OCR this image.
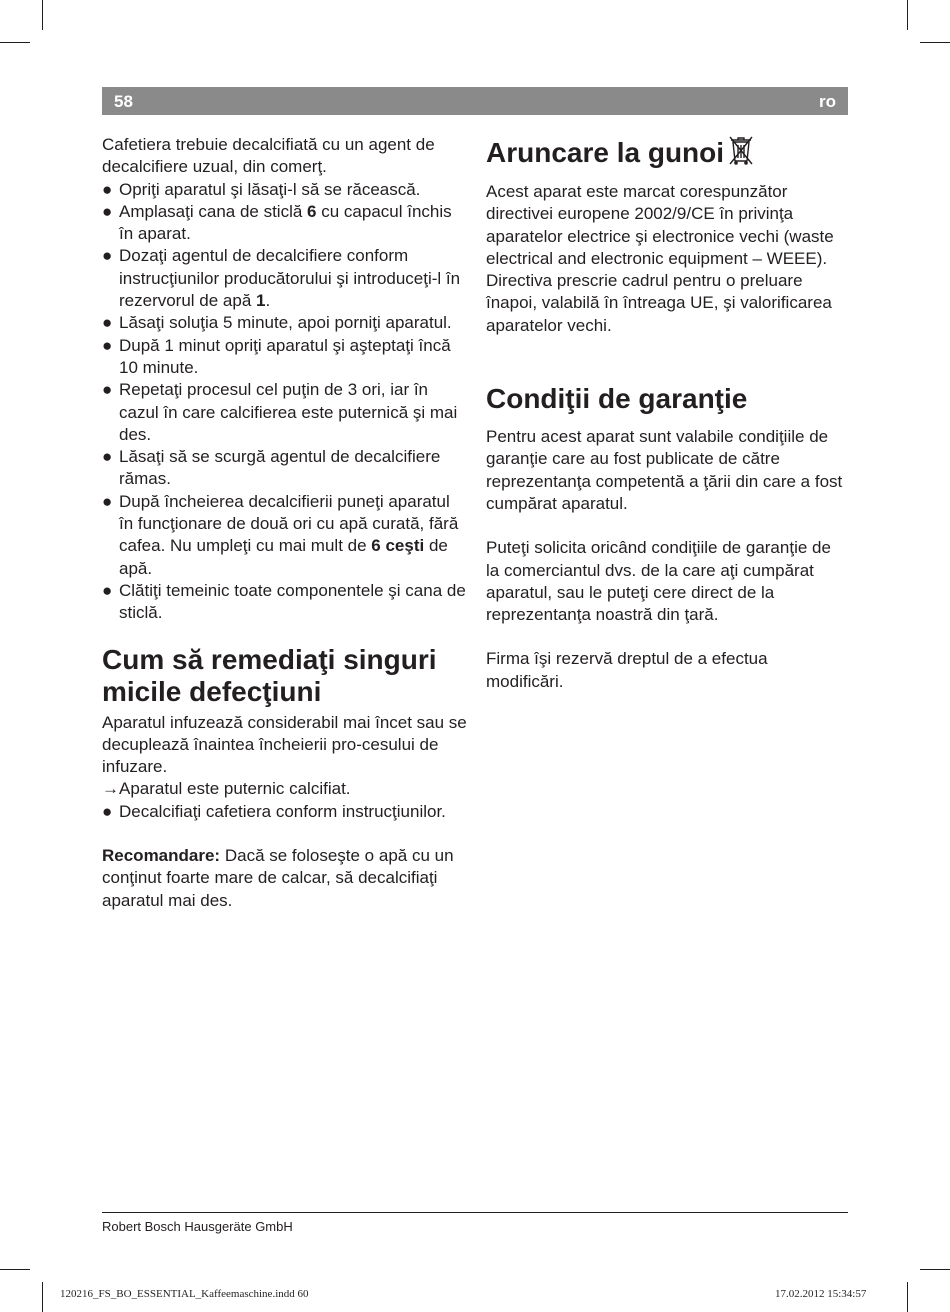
58	ro

Cafetiera trebuie decalcifiată cu un agent de decalcifiere uzual, din comerţ.

● Opriţi aparatul şi lăsaţi-l să se răcească.

● Amplasaţi cana de sticlă 6 cu capacul închis în aparat.

● Dozaţi agentul de decalcifiere conform instrucţiunilor producătorului şi introduceţi-l în rezervorul de apă 1.

● Lăsaţi soluţia 5 minute, apoi porniţi aparatul.

● După 1 minut opriţi aparatul şi aşteptaţi încă 10 minute.

● Repetaţi procesul cel puţin de 3 ori, iar în cazul în care calcifierea este puternică şi mai des.

● Lăsaţi să se scurgă agentul de decalcifiere rămas.

● După încheierea decalcifierii puneţi aparatul în funcţionare de două ori cu apă curată, fără cafea. Nu umpleţi cu mai mult de 6 ceşti de apă.

● Clătiţi temeinic toate componentele şi cana de sticlă.

Cum să remediaţi singuri micile defecţiuni

Aparatul infuzează considerabil mai încet sau se decuplează înaintea încheierii pro-cesului de infuzare.

→ Aparatul este puternic calcifiat.

● Decalcifiaţi cafetiera conform instrucţiunilor.

Recomandare: Dacă se foloseşte o apă cu un conţinut foarte mare de calcar, să decalcifiaţi aparatul mai des.

Aruncare la gunoi

Acest aparat este marcat corespunzător directivei europene 2002/9/CE în privinţa aparatelor electrice şi electronice vechi (waste electrical and electronic equipment – WEEE).

Directiva prescrie cadrul pentru o preluare înapoi, valabilă în întreaga UE, şi valorificarea aparatelor vechi.

Condiţii de garanţie

Pentru acest aparat sunt valabile condiţiile de garanţie care au fost publicate de către reprezentanţa competentă a ţării din care a fost cumpărat aparatul.

Puteţi solicita oricând condiţiile de garanţie de la comerciantul dvs. de la care aţi cumpărat aparatul, sau le puteţi cere direct de la reprezentanţa noastră din ţară.

Firma îşi rezervă dreptul de a efectua modificări.

Robert Bosch Hausgeräte GmbH
120216_FS_BO_ESSENTIAL_Kaffeemaschine.indd 60	17.02.2012 15:34:57
